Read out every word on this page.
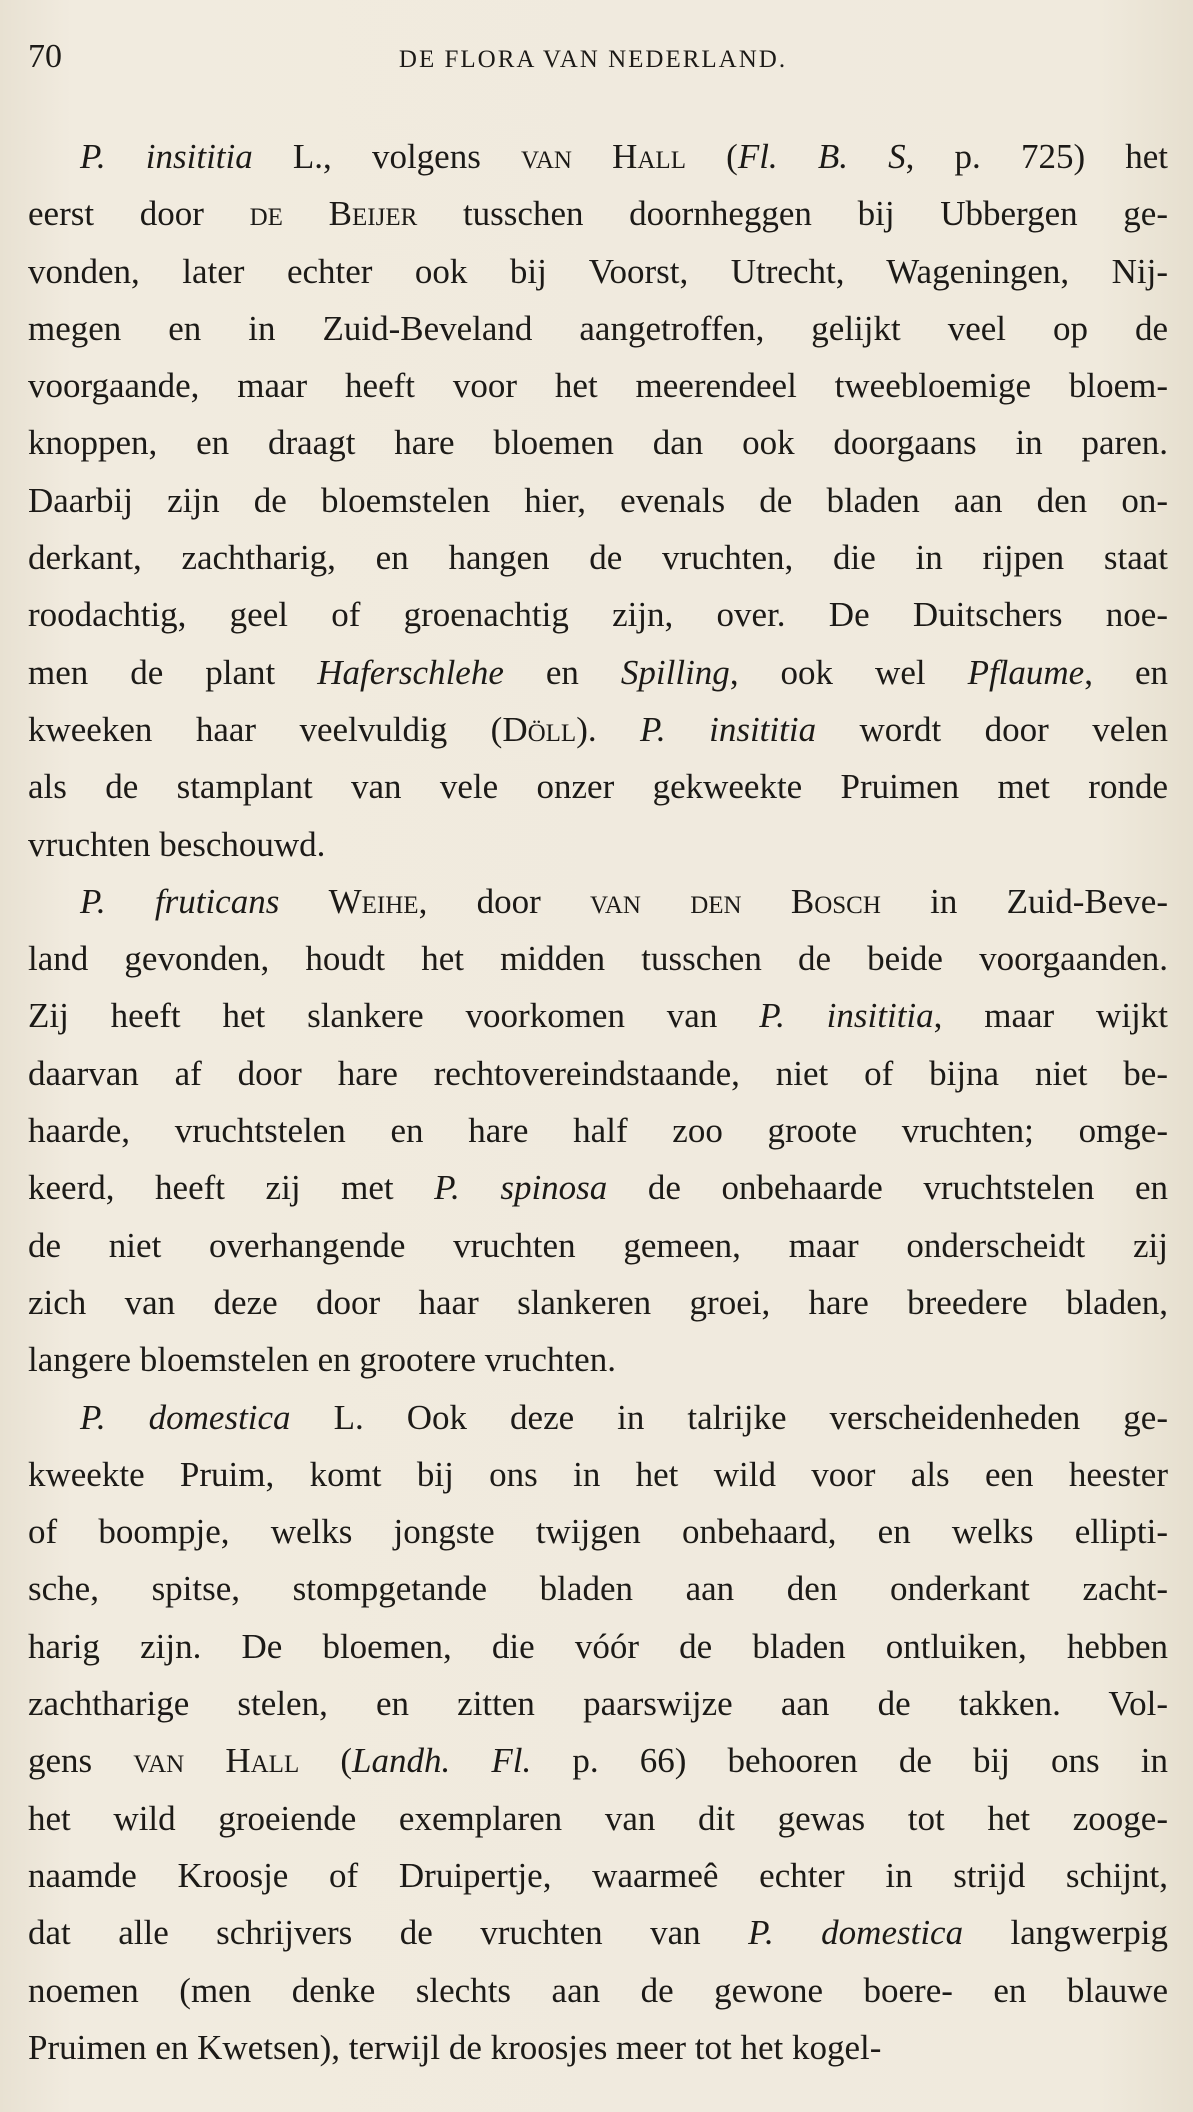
70	DE FLORA VAN NEDERLAND.
P. insititia L., volgens van Hall (Fl. B. S, p. 725) het
eerst door de Beijer tusschen doornheggen bij Ubbergen ge-
vonden, later echter ook bij Voorst, Utrecht, Wageningen, Nij-
megen en in Zuid-Beveland aangetroffen, gelijkt veel op de
voorgaande, maar heeft voor het meerendeel tweebloemige bloem-
knoppen, en draagt hare bloemen dan ook doorgaans in paren.
Daarbij zijn de bloemstelen hier, evenals de bladen aan den on-
derkant, zachtharig, en hangen de vruchten, die in rijpen staat
roodachtig, geel of groenachtig zijn, over. De Duitschers noe-
men de plant Haferschlehe en Spilling, ook wel Pflaume, en
kweeken haar veelvuldig (Döll). P. insititia wordt door velen
als de stamplant van vele onzer gekweekte Pruimen met ronde
vruchten beschouwd.
P. fruticans Weihe, door van den Bosch in Zuid-Beve-
land gevonden, houdt het midden tusschen de beide voorgaanden.
Zij heeft het slankere voorkomen van P. insititia, maar wijkt
daarvan af door hare rechtovereindstaande, niet of bijna niet be-
haarde, vruchtstelen en hare half zoo groote vruchten; omge-
keerd, heeft zij met P. spinosa de onbehaarde vruchtstelen en
de niet overhangende vruchten gemeen, maar onderscheidt zij
zich van deze door haar slankeren groei, hare breedere bladen,
langere bloemstelen en grootere vruchten.
P. domestica L. Ook deze in talrijke verscheidenheden ge-
kweekte Pruim, komt bij ons in het wild voor als een heester
of boompje, welks jongste twijgen onbehaard, en welks ellipti-
sche, spitse, stompgetande bladen aan den onderkant zacht-
harig zijn. De bloemen, die vóór de bladen ontluiken, hebben
zachtharige stelen, en zitten paarswijze aan de takken. Vol-
gens van Hall (Landh. Fl. p. 66) behooren de bij ons in
het wild groeiende exemplaren van dit gewas tot het zooge-
naamde Kroosje of Druipertje, waarmeê echter in strijd schijnt,
dat alle schrijvers de vruchten van P. domestica langwerpig
noemen (men denke slechts aan de gewone boere- en blauwe
Pruimen en Kwetsen), terwijl de kroosjes meer tot het kogel-
